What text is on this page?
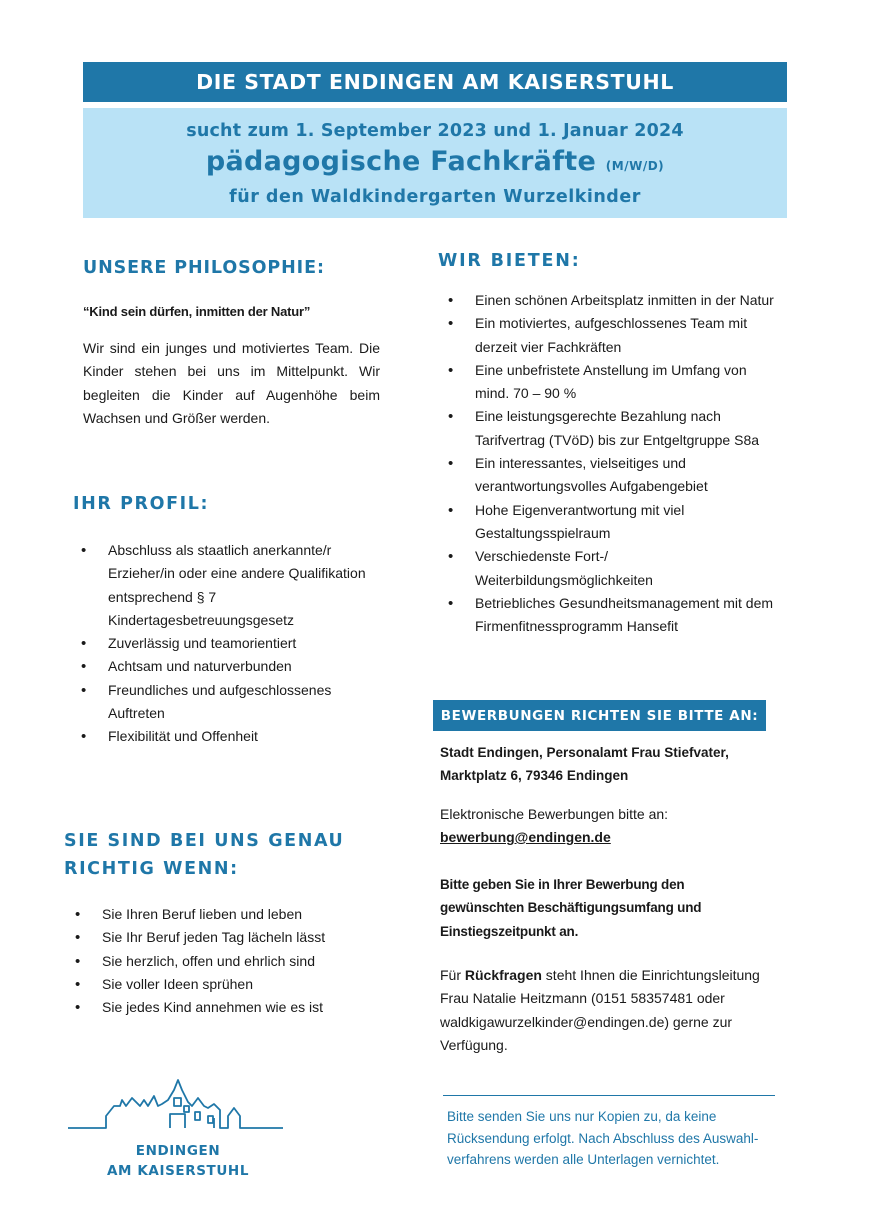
DIE STADT ENDINGEN AM KAISERSTUHL
sucht zum 1. September 2023 und 1. Januar 2024
pädagogische Fachkräfte (M/W/D)
für den Waldkindergarten Wurzelkinder
UNSERE PHILOSOPHIE:
“Kind sein dürfen, inmitten der Natur”
Wir sind ein junges und motiviertes Team. Die Kinder stehen bei uns im Mittelpunkt. Wir begleiten die Kinder auf Augenhöhe beim Wachsen und Größer werden.
IHR PROFIL:
• Abschluss als staatlich anerkannte/r Erzieher/in oder eine andere Qualifikation entsprechend § 7 Kindertagesbetreuungsgesetz
• Zuverlässig und teamorientiert
• Achtsam und naturverbunden
• Freundliches und aufgeschlossenes Auftreten
• Flexibilität und Offenheit
SIE SIND BEI UNS GENAU
RICHTIG WENN:
• Sie Ihren Beruf lieben und leben
• Sie Ihr Beruf jeden Tag lächeln lässt
• Sie herzlich, offen und ehrlich sind
• Sie voller Ideen sprühen
• Sie jedes Kind annehmen wie es ist
WIR BIETEN:
• Einen schönen Arbeitsplatz inmitten in der Natur
• Ein motiviertes, aufgeschlossenes Team mit derzeit vier Fachkräften
• Eine unbefristete Anstellung im Umfang von mind. 70 – 90 %
• Eine leistungsgerechte Bezahlung nach Tarifvertrag (TVöD) bis zur Entgeltgruppe S8a
• Ein interessantes, vielseitiges und verantwortungsvolles Aufgabengebiet
• Hohe Eigenverantwortung mit viel Gestaltungsspielraum
• Verschiedenste Fort-/ Weiterbildungsmöglichkeiten
• Betriebliches Gesundheitsmanagement mit dem Firmenfitnessprogramm Hansefit
BEWERBUNGEN RICHTEN SIE BITTE AN:
Stadt Endingen, Personalamt Frau Stiefvater,
Marktplatz 6, 79346 Endingen
Elektronische Bewerbungen bitte an:
bewerbung@endingen.de
Bitte geben Sie in Ihrer Bewerbung den
gewünschten Beschäftigungsumfang und
Einstiegszeitpunkt an.
Für Rückfragen steht Ihnen die Einrichtungsleitung Frau Natalie Heitzmann (0151 58357481 oder waldkigawurzelkinder@endingen.de) gerne zur Verfügung.
Bitte senden Sie uns nur Kopien zu, da keine Rücksendung erfolgt. Nach Abschluss des Auswahl-verfahrens werden alle Unterlagen vernichtet.
ENDINGEN
AM KAISERSTUHL
